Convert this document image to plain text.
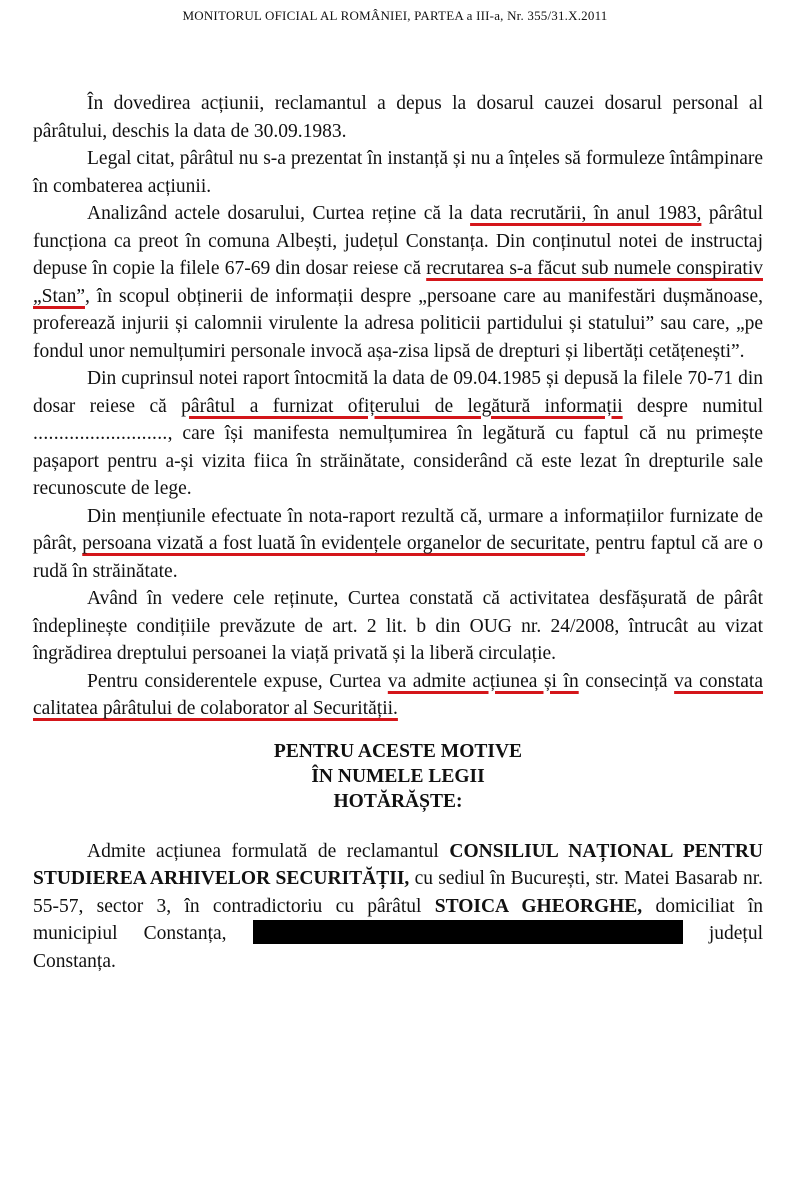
MONITORUL OFICIAL AL ROMÂNIEI, PARTEA a III-a, Nr. 355/31.X.2011

În dovedirea acțiunii, reclamantul a depus la dosarul cauzei dosarul personal al pârâtului, deschis la data de 30.09.1983.

Legal citat, pârâtul nu s-a prezentat în instanță și nu a înțeles să formuleze întâmpinare în combaterea acțiunii.

Analizând actele dosarului, Curtea reține că la data recrutării, în anul 1983, pârâtul funcționa ca preot în comuna Albești, județul Constanța. Din conținutul notei de instructaj depuse în copie la filele 67-69 din dosar reiese că recrutarea s-a făcut sub numele conspirativ „Stan”, în scopul obținerii de informații despre „persoane care au manifestări dușmănoase, proferează injurii și calomnii virulente la adresa politicii partidului și statului” sau care, „pe fondul unor nemulțumiri personale invocă așa-zisa lipsă de drepturi și libertăți cetățenești”.

Din cuprinsul notei raport întocmită la data de 09.04.1985 și depusă la filele 70-71 din dosar reiese că pârâtul a furnizat ofițerului de legătură informații despre numitul .........................., care își manifesta nemulțumirea în legătură cu faptul că nu primește pașaport pentru a-și vizita fiica în străinătate, considerând că este lezat în drepturile sale recunoscute de lege.

Din mențiunile efectuate în nota-raport rezultă că, urmare a informațiilor furnizate de pârât, persoana vizată a fost luată în evidențele organelor de securitate, pentru faptul că are o rudă în străinătate.

Având în vedere cele reținute, Curtea constată că activitatea desfășurată de pârât îndeplinește condițiile prevăzute de art. 2 lit. b din OUG nr. 24/2008, întrucât au vizat îngrădirea dreptului persoanei la viață privată și la liberă circulație.

Pentru considerentele expuse, Curtea va admite acțiunea și în consecință va constata calitatea pârâtului de colaborator al Securității.

PENTRU ACESTE MOTIVE
ÎN NUMELE LEGII
HOTĂRĂȘTE:

Admite acțiunea formulată de reclamantul CONSILIUL NAȚIONAL PENTRU STUDIEREA ARHIVELOR SECURITĂȚII, cu sediul în București, str. Matei Basarab nr. 55-57, sector 3, în contradictoriu cu pârâtul STOICA GHEORGHE, domiciliat în municipiul Constanța,	județul Constanța.
